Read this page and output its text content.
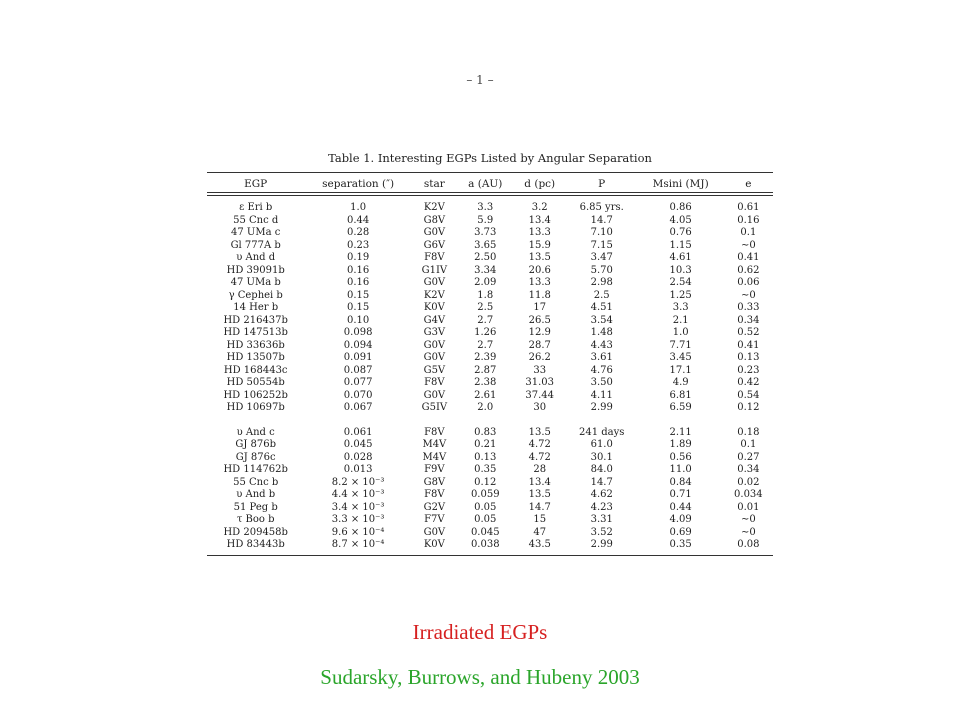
– 1 –
Table 1. Interesting EGPs Listed by Angular Separation
EGP	separation (″)	star	a (AU)	d (pc)	P	Msini (MJ)	e
ε Eri b	1.0	K2V	3.3	3.2	6.85 yrs.	0.86	0.61
55 Cnc d	0.44	G8V	5.9	13.4	14.7	4.05	0.16
47 UMa c	0.28	G0V	3.73	13.3	7.10	0.76	0.1
Gl 777A b	0.23	G6V	3.65	15.9	7.15	1.15	∼0
υ And d	0.19	F8V	2.50	13.5	3.47	4.61	0.41
HD 39091b	0.16	G1IV	3.34	20.6	5.70	10.3	0.62
47 UMa b	0.16	G0V	2.09	13.3	2.98	2.54	0.06
γ Cephei b	0.15	K2V	1.8	11.8	2.5	1.25	∼0
14 Her b	0.15	K0V	2.5	17	4.51	3.3	0.33
HD 216437b	0.10	G4V	2.7	26.5	3.54	2.1	0.34
HD 147513b	0.098	G3V	1.26	12.9	1.48	1.0	0.52
HD 33636b	0.094	G0V	2.7	28.7	4.43	7.71	0.41
HD 13507b	0.091	G0V	2.39	26.2	3.61	3.45	0.13
HD 168443c	0.087	G5V	2.87	33	4.76	17.1	0.23
HD 50554b	0.077	F8V	2.38	31.03	3.50	4.9	0.42
HD 106252b	0.070	G0V	2.61	37.44	4.11	6.81	0.54
HD 10697b	0.067	G5IV	2.0	30	2.99	6.59	0.12

υ And c	0.061	F8V	0.83	13.5	241 days	2.11	0.18
GJ 876b	0.045	M4V	0.21	4.72	61.0	1.89	0.1
GJ 876c	0.028	M4V	0.13	4.72	30.1	0.56	0.27
HD 114762b	0.013	F9V	0.35	28	84.0	11.0	0.34
55 Cnc b	8.2 × 10⁻³	G8V	0.12	13.4	14.7	0.84	0.02
υ And b	4.4 × 10⁻³	F8V	0.059	13.5	4.62	0.71	0.034
51 Peg b	3.4 × 10⁻³	G2V	0.05	14.7	4.23	0.44	0.01
τ Boo b	3.3 × 10⁻³	F7V	0.05	15	3.31	4.09	∼0
HD 209458b	9.6 × 10⁻⁴	G0V	0.045	47	3.52	0.69	∼0
HD 83443b	8.7 × 10⁻⁴	K0V	0.038	43.5	2.99	0.35	0.08
Irradiated EGPs
Sudarsky, Burrows, and Hubeny 2003
